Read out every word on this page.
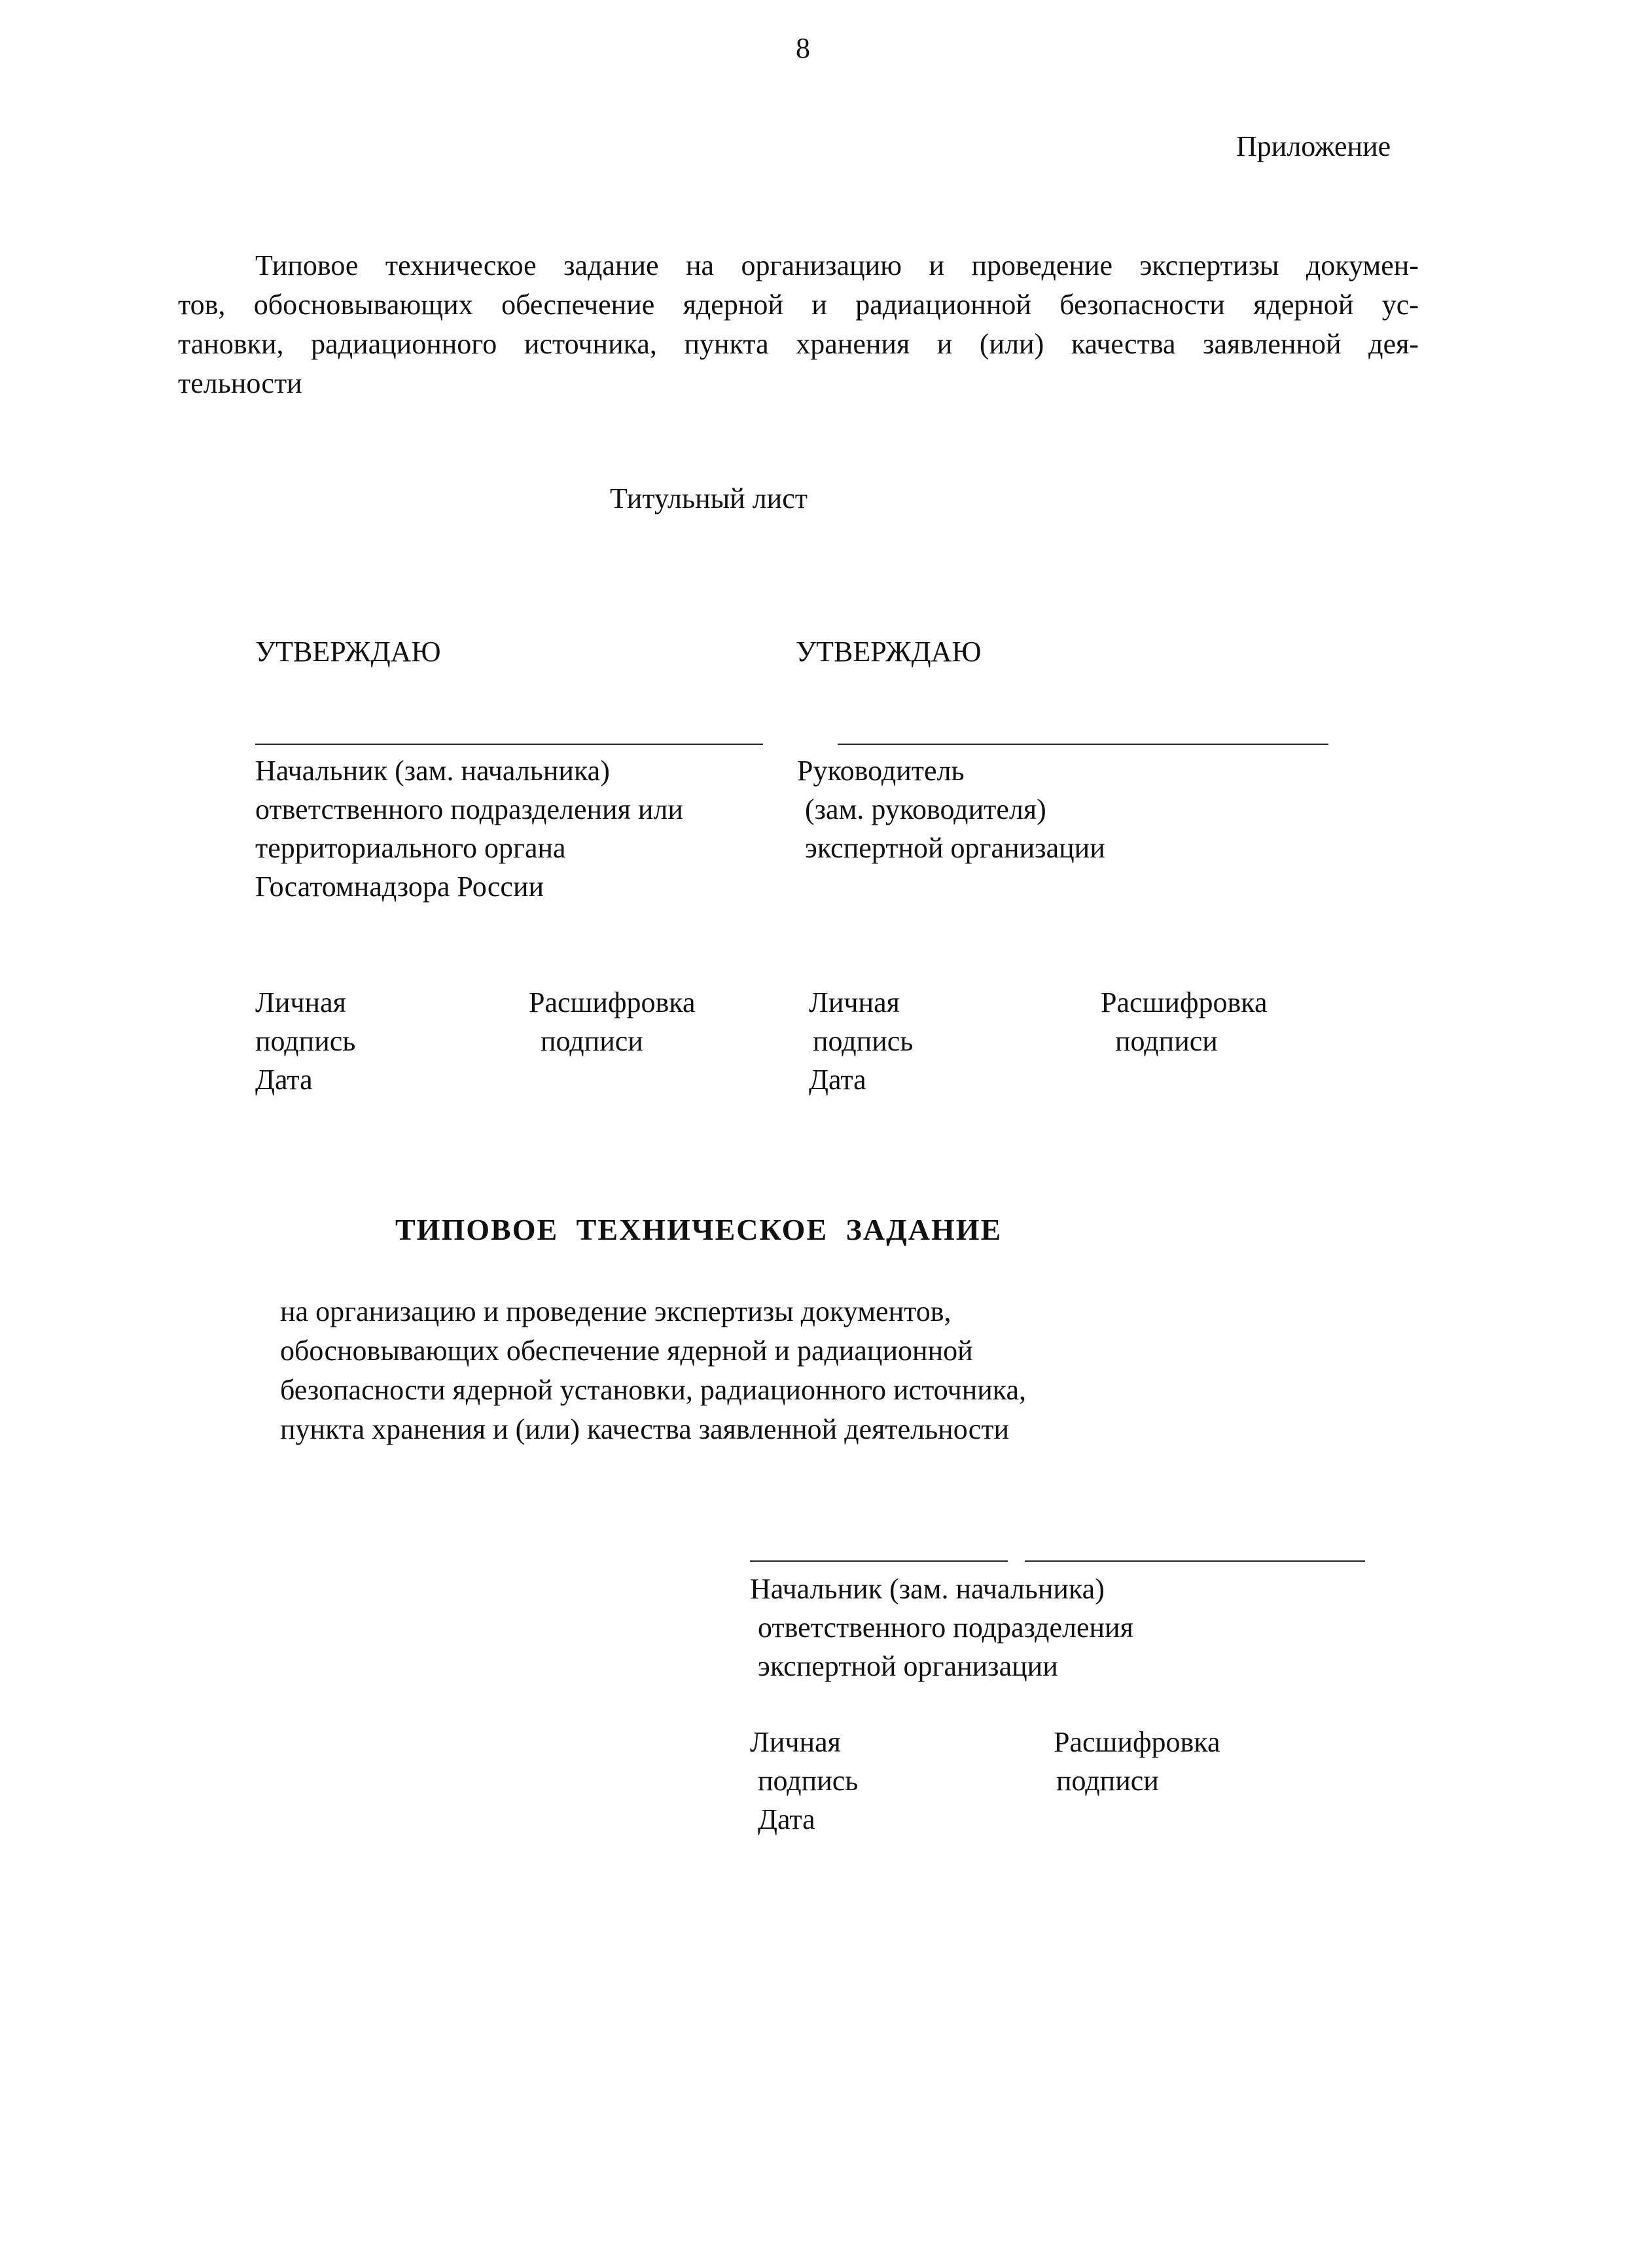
8
Приложение
Типовое техническое задание на организацию и проведение экспертизы докумен-
тов, обосновывающих обеспечение ядерной и радиационной безопасности ядерной ус-
тановки, радиационного источника, пункта хранения и (или) качества заявленной дея-
тельности
Титульный лист
УТВЕРЖДАЮ	УТВЕРЖДАЮ
Начальник (зам. начальника)
ответственного подразделения или
территориального органа
Госатомнадзора России
Руководитель
(зам. руководителя)
экспертной организации
Личная
подпись
Дата
Расшифровка
подписи
Личная
подпись
Дата
Расшифровка
подписи
ТИПОВОЕ ТЕХНИЧЕСКОЕ ЗАДАНИЕ
на организацию и проведение экспертизы документов,
обосновывающих обеспечение ядерной и радиационной
безопасности ядерной установки, радиационного источника,
пункта хранения и (или) качества заявленной деятельности
Начальник (зам. начальника)
ответственного подразделения
экспертной организации
Личная
подпись
Дата
Расшифровка
подписи
